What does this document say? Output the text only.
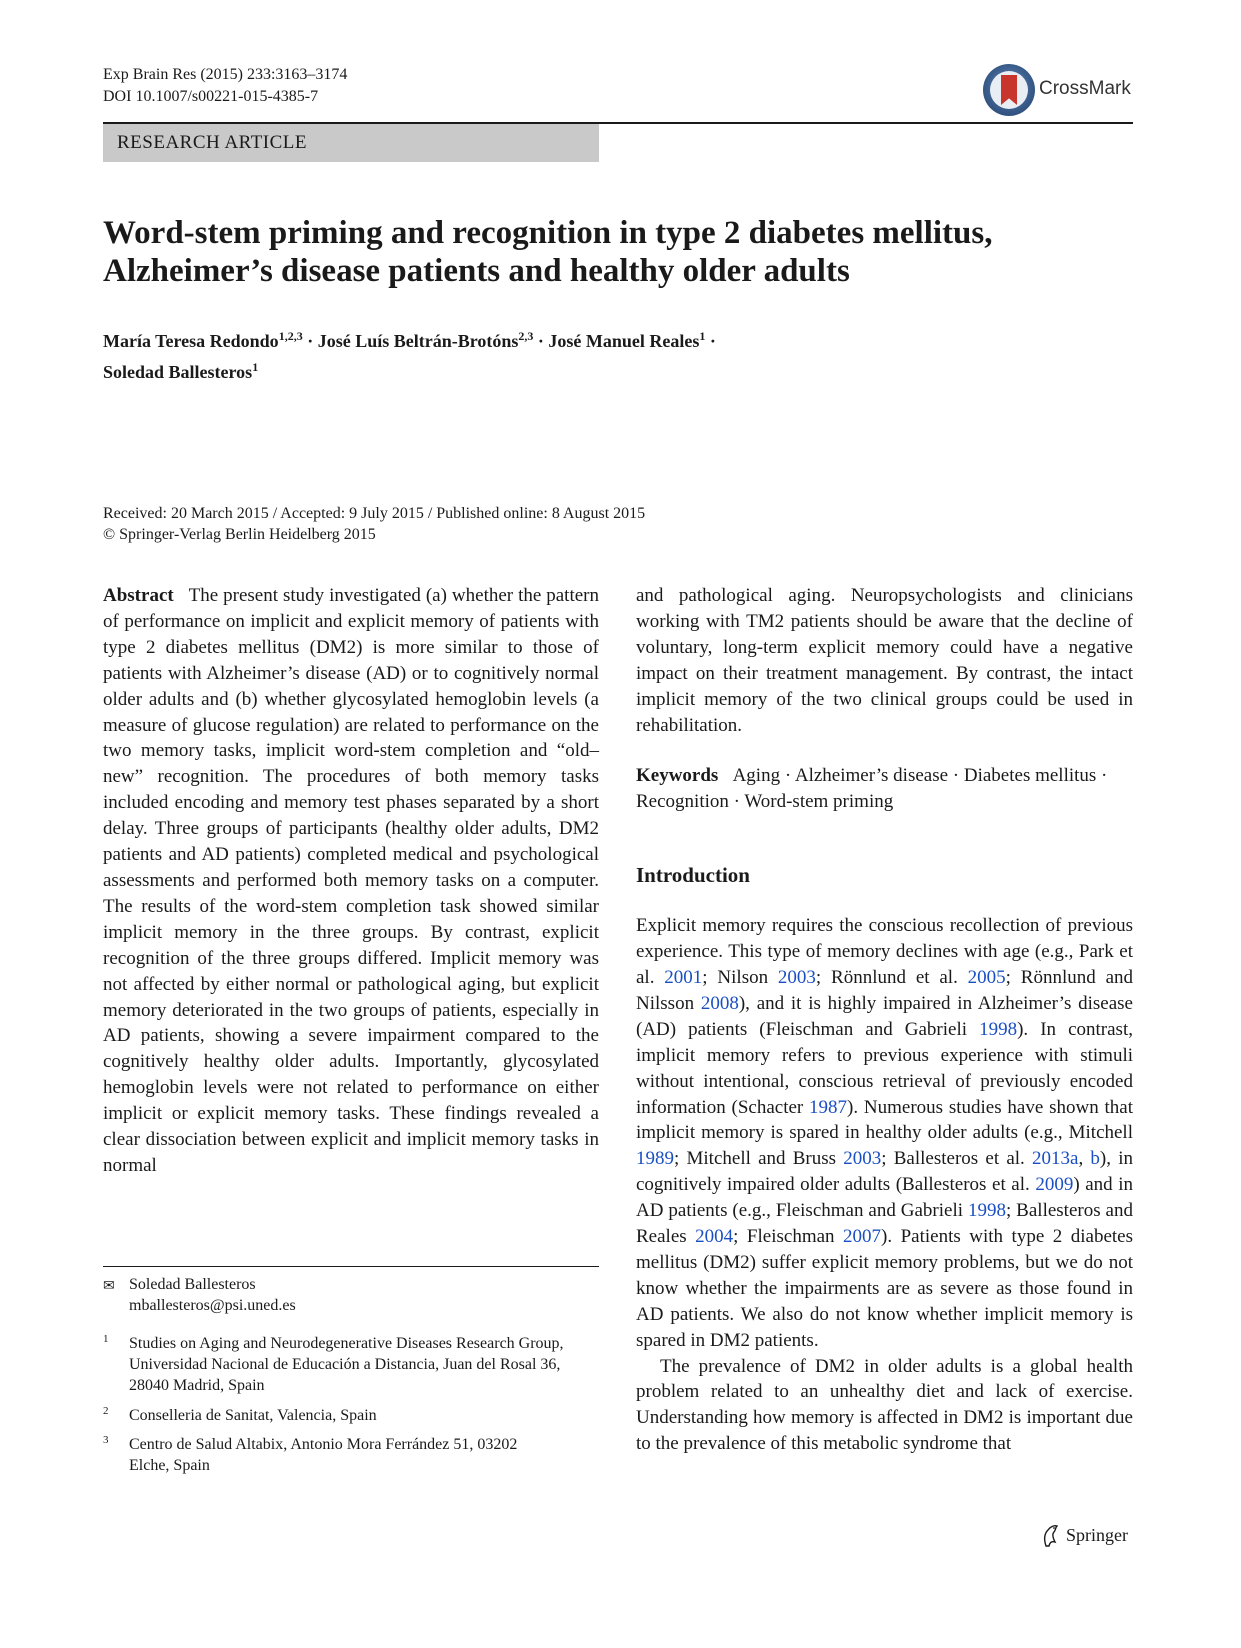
Exp Brain Res (2015) 233:3163–3174
DOI 10.1007/s00221-015-4385-7	CrossMark
RESEARCH ARTICLE
Word-stem priming and recognition in type 2 diabetes mellitus,
Alzheimer’s disease patients and healthy older adults
María Teresa Redondo$^{1,2,3}$ · José Luís Beltrán-Brotóns$^{2,3}$ · José Manuel Reales$^1$ ·
Soledad Ballesteros$^1$
Received: 20 March 2015 / Accepted: 9 July 2015 / Published online: 8 August 2015
© Springer-Verlag Berlin Heidelberg 2015

Abstract The present study investigated (a) whether the pattern of performance on implicit and explicit memory of patients with type 2 diabetes mellitus (DM2) is more similar to those of patients with Alzheimer’s disease (AD) or to cognitively normal older adults and (b) whether glycosylated hemoglobin levels (a measure of glucose regulation) are related to performance on the two memory tasks, implicit word-stem completion and “old–new” recognition. The procedures of both memory tasks included encoding and memory test phases separated by a short delay. Three groups of participants (healthy older adults, DM2 patients and AD patients) completed medical and psychological assessments and performed both memory tasks on a computer. The results of the word-stem completion task showed similar implicit memory in the three groups. By contrast, explicit recognition of the three groups differed. Implicit memory was not affected by either normal or pathological aging, but explicit memory deteriorated in the two groups of patients, especially in AD patients, showing a severe impairment compared to the cognitively healthy older adults. Importantly, glycosylated hemoglobin levels were not related to performance on either implicit or explicit memory tasks. These findings revealed a clear dissociation between explicit and implicit memory tasks in normal

✉ Soledad Ballesteros
mballesteros@psi.uned.es
1 Studies on Aging and Neurodegenerative Diseases Research Group, Universidad Nacional de Educación a Distancia, Juan del Rosal 36, 28040 Madrid, Spain
2 Conselleria de Sanitat, Valencia, Spain
3 Centro de Salud Altabix, Antonio Mora Ferrández 51, 03202 Elche, Spain

and pathological aging. Neuropsychologists and clinicians working with TM2 patients should be aware that the decline of voluntary, long-term explicit memory could have a negative impact on their treatment management. By contrast, the intact implicit memory of the two clinical groups could be used in rehabilitation.

Keywords Aging · Alzheimer’s disease · Diabetes mellitus · Recognition · Word-stem priming

Introduction

Explicit memory requires the conscious recollection of previous experience. This type of memory declines with age (e.g., Park et al. 2001; Nilson 2003; Rönnlund et al. 2005; Rönnlund and Nilsson 2008), and it is highly impaired in Alzheimer’s disease (AD) patients (Fleischman and Gabrieli 1998). In contrast, implicit memory refers to previous experience with stimuli without intentional, conscious retrieval of previously encoded information (Schacter 1987). Numerous studies have shown that implicit memory is spared in healthy older adults (e.g., Mitchell 1989; Mitchell and Bruss 2003; Ballesteros et al. 2013a, b), in cognitively impaired older adults (Ballesteros et al. 2009) and in AD patients (e.g., Fleischman and Gabrieli 1998; Ballesteros and Reales 2004; Fleischman 2007). Patients with type 2 diabetes mellitus (DM2) suffer explicit memory problems, but we do not know whether the impairments are as severe as those found in AD patients. We also do not know whether implicit memory is spared in DM2 patients.

The prevalence of DM2 in older adults is a global health problem related to an unhealthy diet and lack of exercise. Understanding how memory is affected in DM2 is important due to the prevalence of this metabolic syndrome that

Springer
